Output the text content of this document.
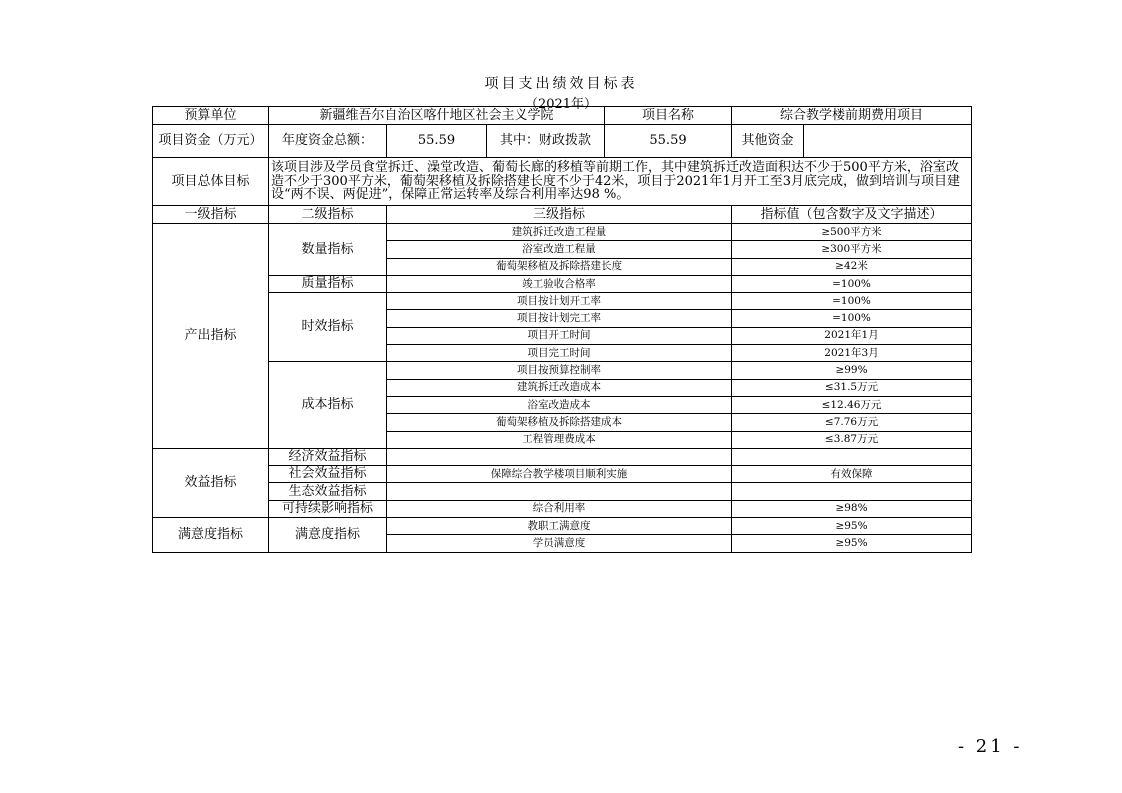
项目支出绩效目标表
（2021年）
预算单位	新疆维吾尔自治区喀什地区社会主义学院			项目名称	综合教学楼前期费用项目	
项目资金（万元）	年度资金总额：	55.59	其中：财政拨款	55.59	其他资金	
项目总体目标	该项目涉及学员食堂拆迁、澡堂改造、葡萄长廊的移植等前期工作，其中建筑拆迁改造面积达不少于500平方米，浴室改造不少于300平方米，葡萄架移植及拆除搭建长度不少于42米，项目于2021年1月开工至3月底完成，做到培训与项目建设“两不误、两促进”，保障正常运转率及综合利用率达98 %。					
一级指标	二级指标	三级指标			指标值（包含数字及文字描述）	
产出指标	数量指标	建筑拆迁改造工程量			≥500平方米	
		浴室改造工程量			≥300平方米	
		葡萄架移植及拆除搭建长度			≥42米	
	质量指标	竣工验收合格率			=100%	
	时效指标	项目按计划开工率			=100%	
		项目按计划完工率			=100%	
		项目开工时间			2021年1月	
		项目完工时间			2021年3月	
	成本指标	项目按预算控制率			≥99%	
		建筑拆迁改造成本			≤31.5万元	
		浴室改造成本			≤12.46万元	
		葡萄架移植及拆除搭建成本			≤7.76万元	
		工程管理费成本			≤3.87万元	
效益指标	经济效益指标					
	社会效益指标	保障综合教学楼项目顺利实施			有效保障	
	生态效益指标					
	可持续影响指标	综合利用率			≥98%	
满意度指标	满意度指标	教职工满意度			≥95%	
		学员满意度			≥95%	
- 21 -
